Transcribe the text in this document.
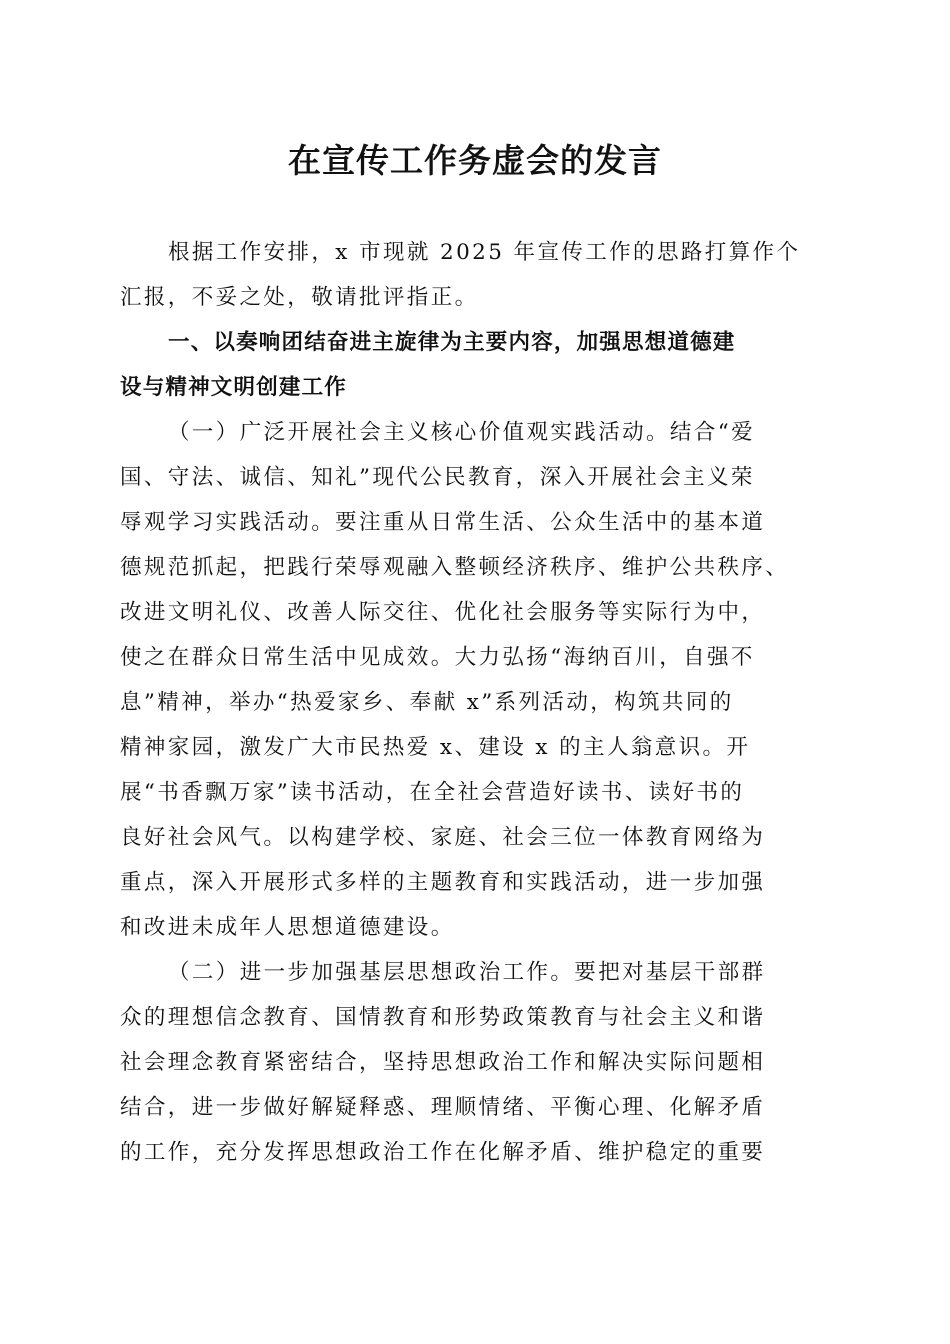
在宣传工作务虚会的发言
根据工作安排，x 市现就 2025 年宣传工作的思路打算作个
汇报，不妥之处，敬请批评指正。
一、以奏响团结奋进主旋律为主要内容，加强思想道德建
设与精神文明创建工作
（一）广泛开展社会主义核心价值观实践活动。结合“爱
国、守法、诚信、知礼”现代公民教育，深入开展社会主义荣
辱观学习实践活动。要注重从日常生活、公众生活中的基本道
德规范抓起，把践行荣辱观融入整顿经济秩序、维护公共秩序、
改进文明礼仪、改善人际交往、优化社会服务等实际行为中，
使之在群众日常生活中见成效。大力弘扬“海纳百川，自强不
息”精神，举办“热爱家乡、奉献 x”系列活动，构筑共同的
精神家园，激发广大市民热爱 x、建设 x 的主人翁意识。开
展“书香飘万家”读书活动，在全社会营造好读书、读好书的
良好社会风气。以构建学校、家庭、社会三位一体教育网络为
重点，深入开展形式多样的主题教育和实践活动，进一步加强
和改进未成年人思想道德建设。
（二）进一步加强基层思想政治工作。要把对基层干部群
众的理想信念教育、国情教育和形势政策教育与社会主义和谐
社会理念教育紧密结合，坚持思想政治工作和解决实际问题相
结合，进一步做好解疑释惑、理顺情绪、平衡心理、化解矛盾
的工作，充分发挥思想政治工作在化解矛盾、维护稳定的重要
